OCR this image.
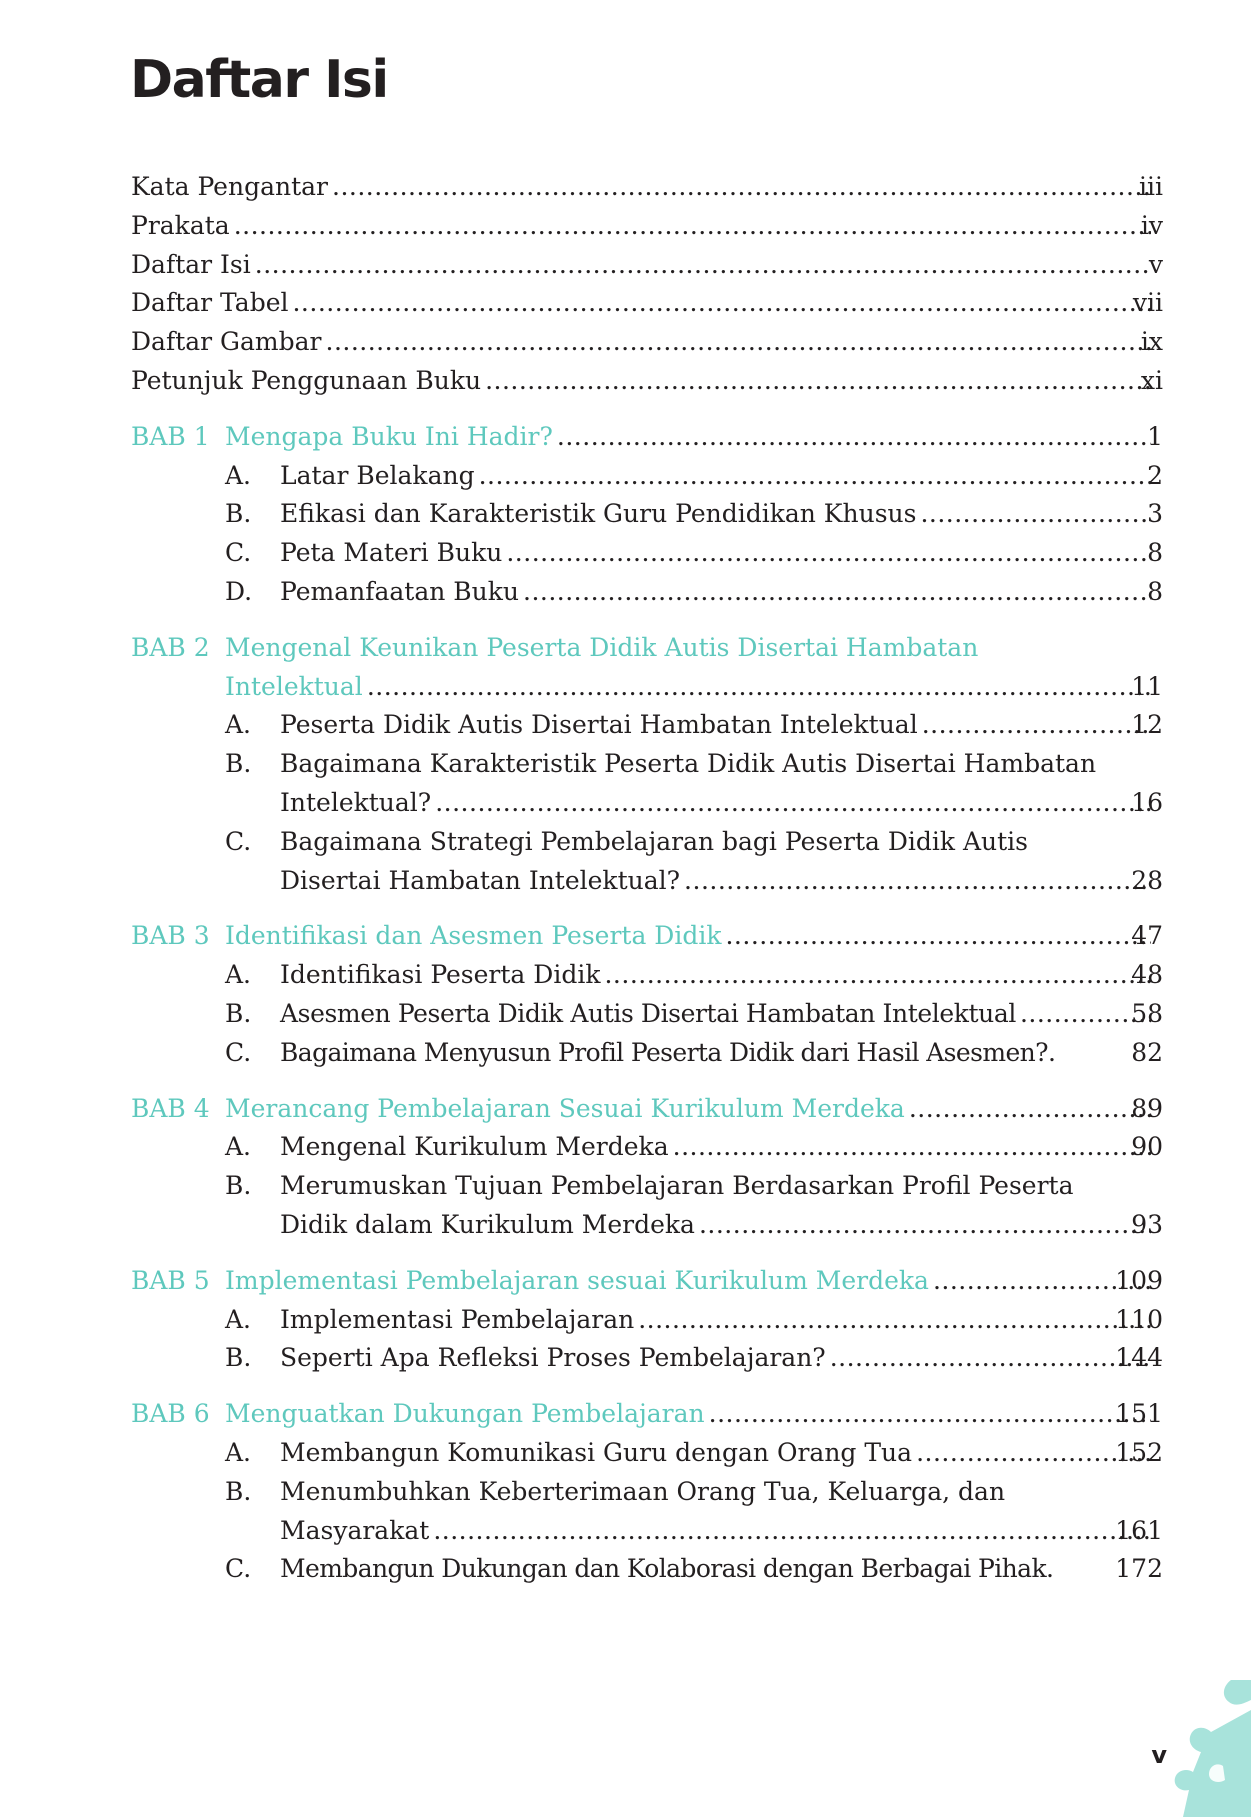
Daftar Isi
Kata Pengantar .....	iii
Prakata .....	iv
Daftar Isi .....	v
Daftar Tabel .....	vii
Daftar Gambar .....	ix
Petunjuk Penggunaan Buku .....	xi
BAB 1 Mengapa Buku Ini Hadir? .....	1
A. Latar Belakang .....	2
B. Efikasi dan Karakteristik Guru Pendidikan Khusus .....	3
C. Peta Materi Buku .....	8
D. Pemanfaatan Buku .....	8
BAB 2 Mengenal Keunikan Peserta Didik Autis Disertai Hambatan
Intelektual .....	11
A. Peserta Didik Autis Disertai Hambatan Intelektual .....	12
B. Bagaimana Karakteristik Peserta Didik Autis Disertai Hambatan
Intelektual? .....	16
C. Bagaimana Strategi Pembelajaran bagi Peserta Didik Autis
Disertai Hambatan Intelektual? .....	28
BAB 3 Identifikasi dan Asesmen Peserta Didik .....	47
A. Identifikasi Peserta Didik .....	48
B. Asesmen Peserta Didik Autis Disertai Hambatan Intelektual .....	58
C. Bagaimana Menyusun Profil Peserta Didik dari Hasil Asesmen?.	82
BAB 4 Merancang Pembelajaran Sesuai Kurikulum Merdeka .....	89
A. Mengenal Kurikulum Merdeka .....	90
B. Merumuskan Tujuan Pembelajaran Berdasarkan Profil Peserta
Didik dalam Kurikulum Merdeka .....	93
BAB 5 Implementasi Pembelajaran sesuai Kurikulum Merdeka .....	109
A. Implementasi Pembelajaran .....	110
B. Seperti Apa Refleksi Proses Pembelajaran? .....	144
BAB 6 Menguatkan Dukungan Pembelajaran .....	151
A. Membangun Komunikasi Guru dengan Orang Tua .....	152
B. Menumbuhkan Keberterimaan Orang Tua, Keluarga, dan
Masyarakat .....	161
C. Membangun Dukungan dan Kolaborasi dengan Berbagai Pihak.	172
v
